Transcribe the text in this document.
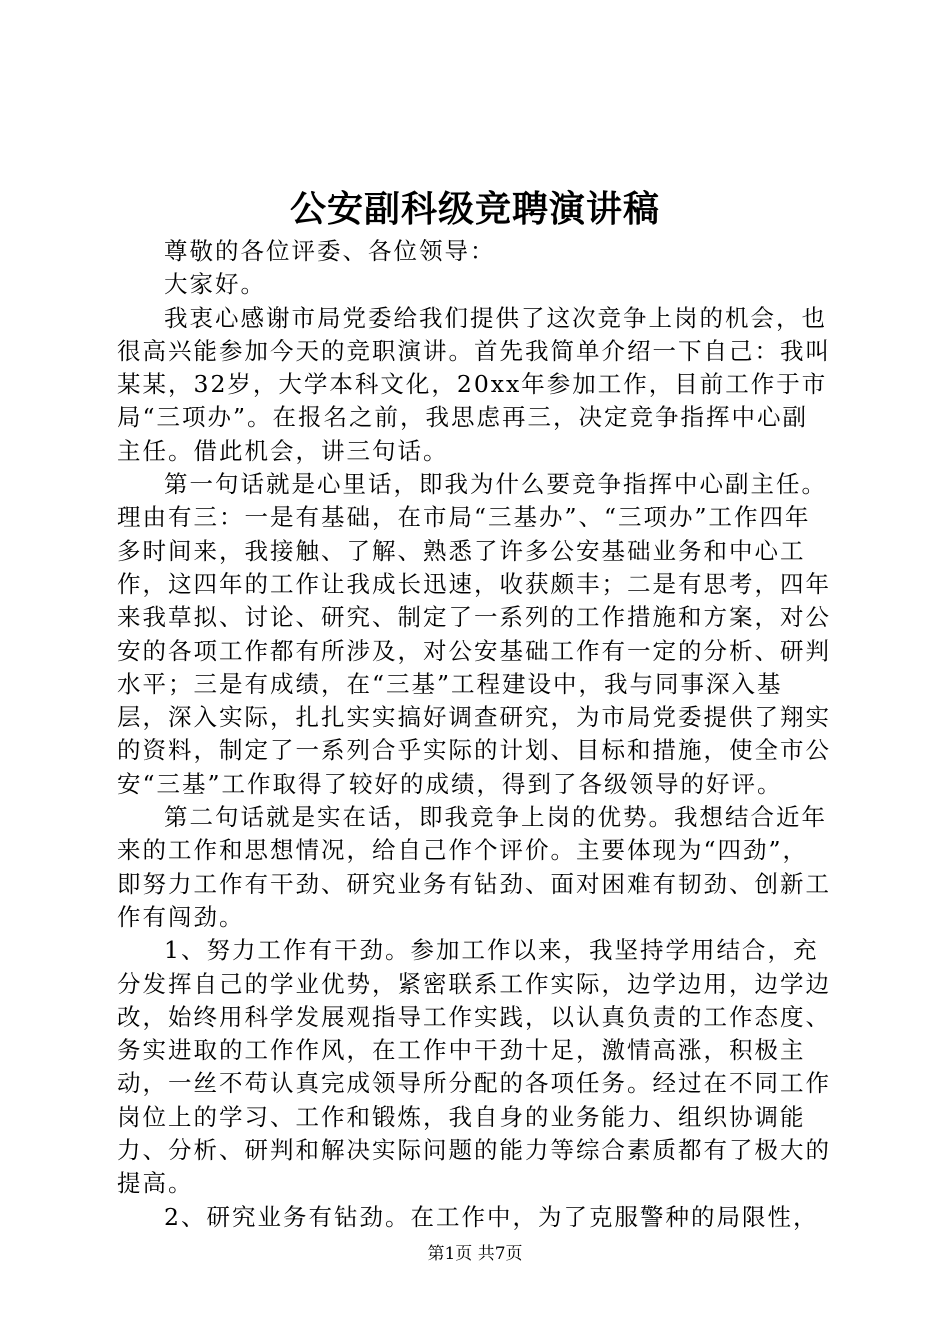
公安副科级竞聘演讲稿

尊敬的各位评委、各位领导：

大家好。

我衷心感谢市局党委给我们提供了这次竞争上岗的机会，也很高兴能参加今天的竞职演讲。首先我简单介绍一下自己：我叫某某，32岁，大学本科文化，20xx年参加工作，目前工作于市局“三项办”。在报名之前，我思虑再三，决定竞争指挥中心副主任。借此机会，讲三句话。

第一句话就是心里话，即我为什么要竞争指挥中心副主任。理由有三：一是有基础，在市局“三基办”、“三项办”工作四年多时间来，我接触、了解、熟悉了许多公安基础业务和中心工作，这四年的工作让我成长迅速，收获颇丰；二是有思考，四年来我草拟、讨论、研究、制定了一系列的工作措施和方案，对公安的各项工作都有所涉及，对公安基础工作有一定的分析、研判水平；三是有成绩，在“三基”工程建设中，我与同事深入基层，深入实际，扎扎实实搞好调查研究，为市局党委提供了翔实的资料，制定了一系列合乎实际的计划、目标和措施，使全市公安“三基”工作取得了较好的成绩，得到了各级领导的好评。

第二句话就是实在话，即我竞争上岗的优势。我想结合近年来的工作和思想情况，给自己作个评价。主要体现为“四劲”，即努力工作有干劲、研究业务有钻劲、面对困难有韧劲、创新工作有闯劲。

1、努力工作有干劲。参加工作以来，我坚持学用结合，充分发挥自己的学业优势，紧密联系工作实际，边学边用，边学边改，始终用科学发展观指导工作实践，以认真负责的工作态度、务实进取的工作作风，在工作中干劲十足，激情高涨，积极主动，一丝不苟认真完成领导所分配的各项任务。经过在不同工作岗位上的学习、工作和锻炼，我自身的业务能力、组织协调能力、分析、研判和解决实际问题的能力等综合素质都有了极大的提高。

2、研究业务有钻劲。在工作中，为了克服警种的局限性，

第1页 共7页
